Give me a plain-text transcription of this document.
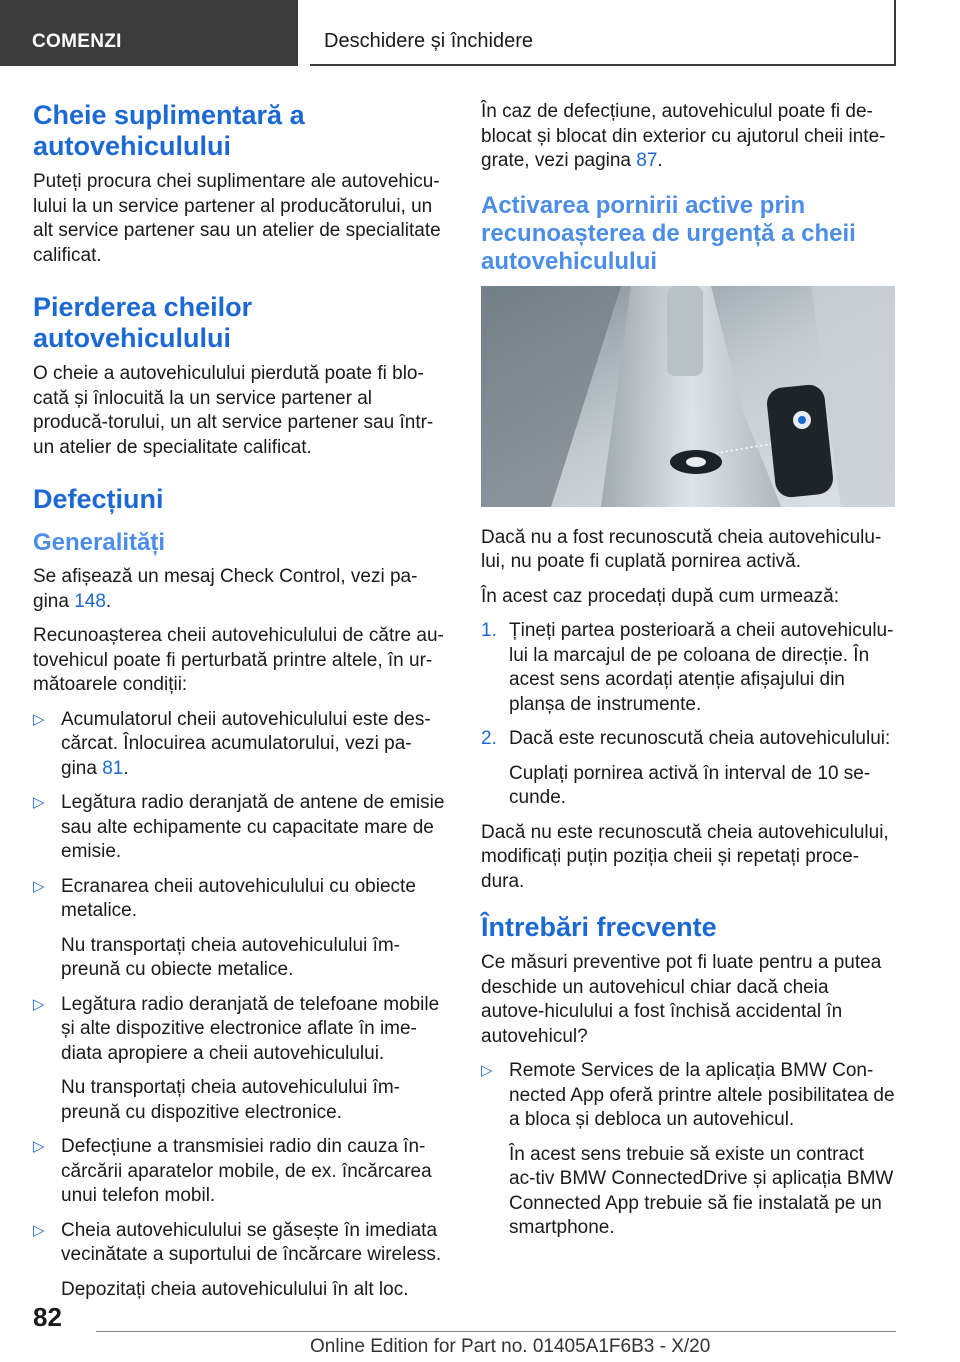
COMENZI	Deschidere și închidere
Cheie suplimentară a autovehiculului
Puteți procura chei suplimentare ale autovehicu-lului la un service partener al producătorului, un alt service partener sau un atelier de specialitate calificat.
Pierderea cheilor autovehiculului
O cheie a autovehiculului pierdută poate fi blo-cată și înlocuită la un service partener al producă-torului, un alt service partener sau într-un atelier de specialitate calificat.
Defecțiuni
Generalități
Se afișează un mesaj Check Control, vezi pa-gina 148.
Recunoașterea cheii autovehiculului de către au-tovehicul poate fi perturbată printre altele, în ur-mătoarele condiții:
▷ Acumulatorul cheii autovehiculului este des-cărcat. Înlocuirea acumulatorului, vezi pa-gina 81.
▷ Legătura radio deranjată de antene de emisie sau alte echipamente cu capacitate mare de emisie.
▷ Ecranarea cheii autovehiculului cu obiecte metalice.
Nu transportați cheia autovehiculului îm-preună cu obiecte metalice.
▷ Legătura radio deranjată de telefoane mobile și alte dispozitive electronice aflate în ime-diata apropiere a cheii autovehiculului.
Nu transportați cheia autovehiculului îm-preună cu dispozitive electronice.
▷ Defecțiune a transmisiei radio din cauza în-cărcării aparatelor mobile, de ex. încărcarea unui telefon mobil.
▷ Cheia autovehiculului se găsește în imediata vecinătate a suportului de încărcare wireless.
Depozitați cheia autovehiculului în alt loc.
În caz de defecțiune, autovehiculul poate fi de-blocat și blocat din exterior cu ajutorul cheii inte-grate, vezi pagina 87.
Activarea pornirii active prin recunoașterea de urgență a cheii autovehiculului
Dacă nu a fost recunoscută cheia autovehiculu-lui, nu poate fi cuplată pornirea activă.
În acest caz procedați după cum urmează:
1. Țineți partea posterioară a cheii autovehiculu-lui la marcajul de pe coloana de direcție. În acest sens acordați atenție afișajului din planșa de instrumente.
2. Dacă este recunoscută cheia autovehiculului:
Cuplați pornirea activă în interval de 10 se-cunde.
Dacă nu este recunoscută cheia autovehiculului, modificați puțin poziția cheii și repetați proce-dura.
Întrebări frecvente
Ce măsuri preventive pot fi luate pentru a putea deschide un autovehicul chiar dacă cheia autove-hiculului a fost închisă accidental în autovehicul?
▷ Remote Services de la aplicația BMW Con-nected App oferă printre altele posibilitatea de a bloca și debloca un autovehicul.
În acest sens trebuie să existe un contract ac-tiv BMW ConnectedDrive și aplicația BMW Connected App trebuie să fie instalată pe un smartphone.
82
Online Edition for Part no. 01405A1F6B3 - X/20
